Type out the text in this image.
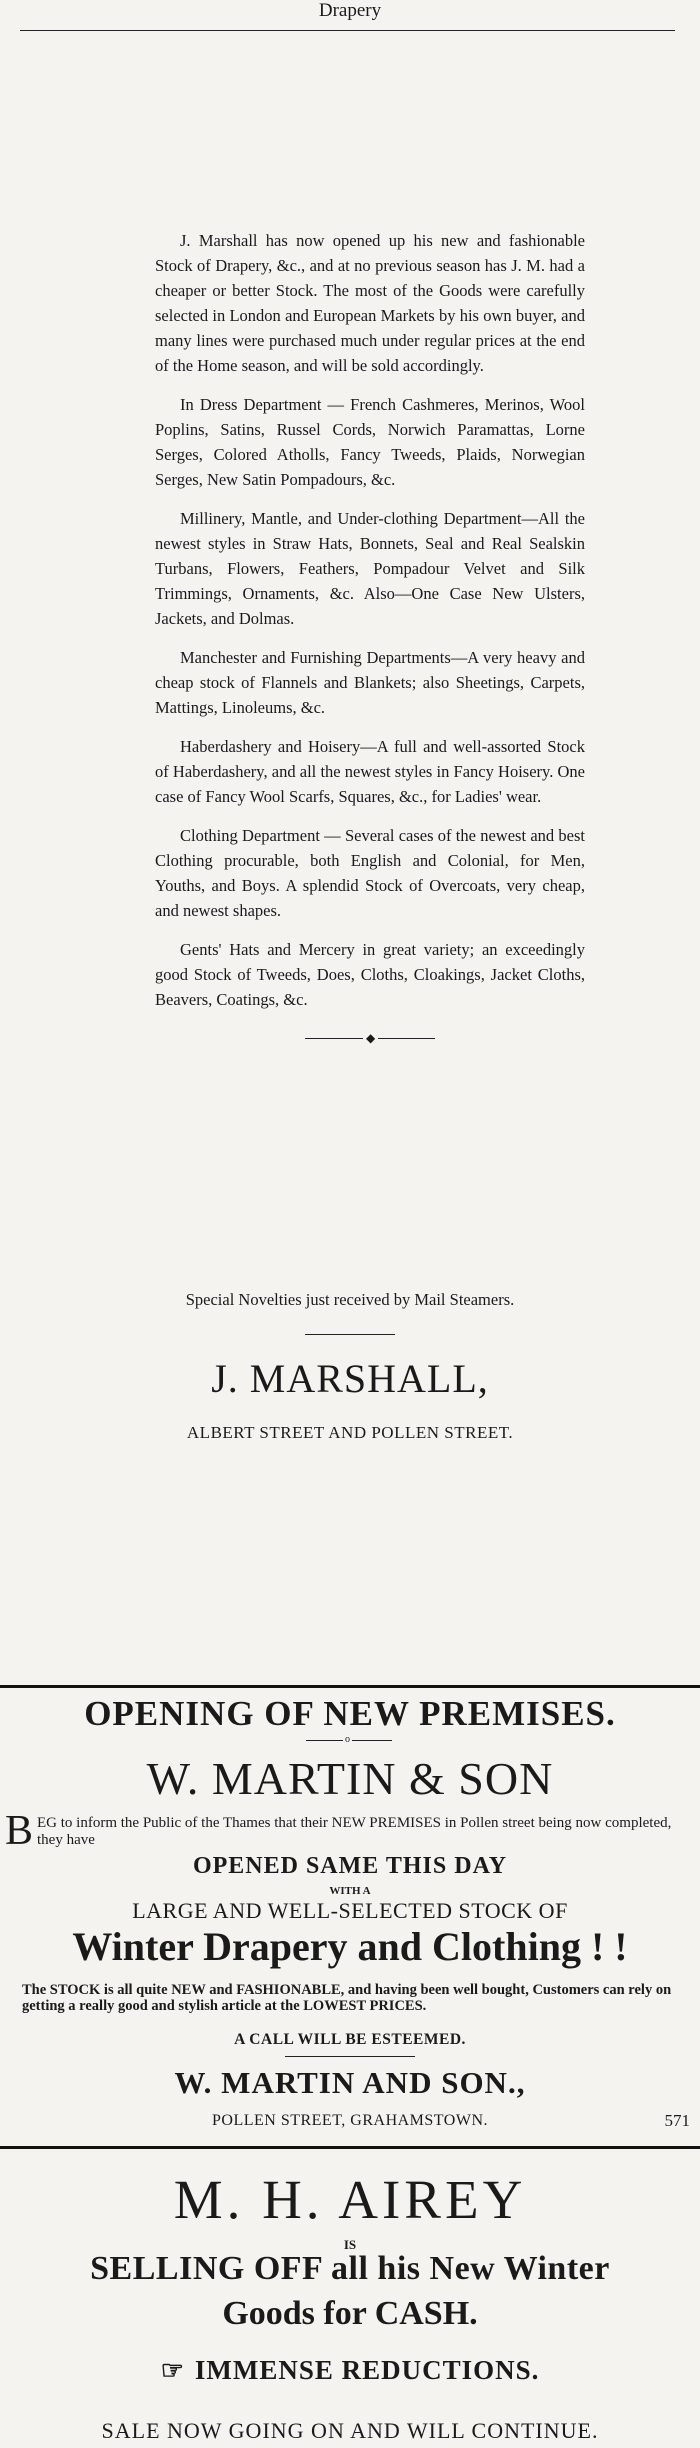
Drapery

J. Marshall has now opened up his new and fashionable Stock of Drapery, &c., and at no previous season has J. M. had a cheaper or better Stock. The most of the Goods were carefully selected in London and European Markets by his own buyer, and many lines were purchased much under regular prices at the end of the Home season, and will be sold accordingly.

In Dress Department — French Cashmeres, Merinos, Wool Poplins, Satins, Russel Cords, Norwich Paramattas, Lorne Serges, Colored Atholls, Fancy Tweeds, Plaids, Norwegian Serges, New Satin Pompadours, &c.

Millinery, Mantle, and Under-clothing Department—All the newest styles in Straw Hats, Bonnets, Seal and Real Sealskin Turbans, Flowers, Feathers, Pompadour Velvet and Silk Trimmings, Ornaments, &c. Also—One Case New Ulsters, Jackets, and Dolmas.

Manchester and Furnishing Departments—A very heavy and cheap stock of Flannels and Blankets; also Sheetings, Carpets, Mattings, Linoleums, &c.

Haberdashery and Hoisery—A full and well-assorted Stock of Haberdashery, and all the newest styles in Fancy Hoisery. One case of Fancy Wool Scarfs, Squares, &c., for Ladies' wear.

Clothing Department — Several cases of the newest and best Clothing procurable, both English and Colonial, for Men, Youths, and Boys. A splendid Stock of Overcoats, very cheap, and newest shapes.

Gents' Hats and Mercery in great variety; an exceedingly good Stock of Tweeds, Does, Cloths, Cloakings, Jacket Cloths, Beavers, Coatings, &c.

◆
Special Novelties just received by Mail Steamers.
J. MARSHALL,
ALBERT STREET AND POLLEN STREET.
OPENING OF NEW PREMISES.
o
W. MARTIN & SON
B EG to inform the Public of the Thames that their NEW PREMISES in Pollen street being now completed, they have
OPENED SAME THIS DAY
WITH A
LARGE AND WELL-SELECTED STOCK OF
Winter Drapery and Clothing ! !
The STOCK is all quite NEW and FASHIONABLE, and having been well bought, Customers can rely on getting a really good and stylish article at the LOWEST PRICES.
A CALL WILL BE ESTEEMED.
W. MARTIN AND SON.,
POLLEN STREET, GRAHAMSTOWN.	571
M. H. AIREY
IS
SELLING OFF all his New Winter
Goods for CASH.
☞ IMMENSE REDUCTIONS.
SALE NOW GOING ON AND WILL CONTINUE.
